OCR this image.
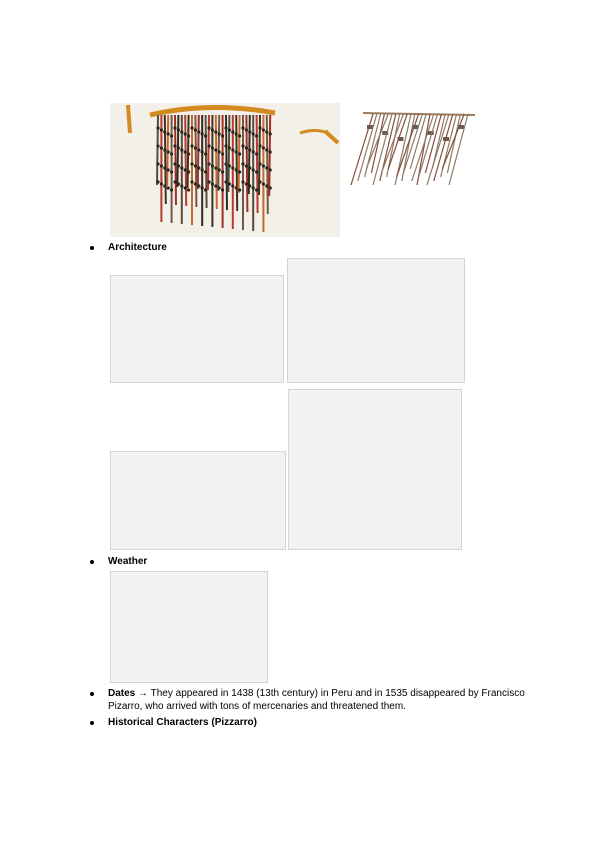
Architecture
Weather
Dates → They appeared in 1438 (13th century) in Peru and in 1535 disappeared by Francisco Pizarro, who arrived with tons of mercenaries and threatened them.
Historical Characters (Pizzarro)
